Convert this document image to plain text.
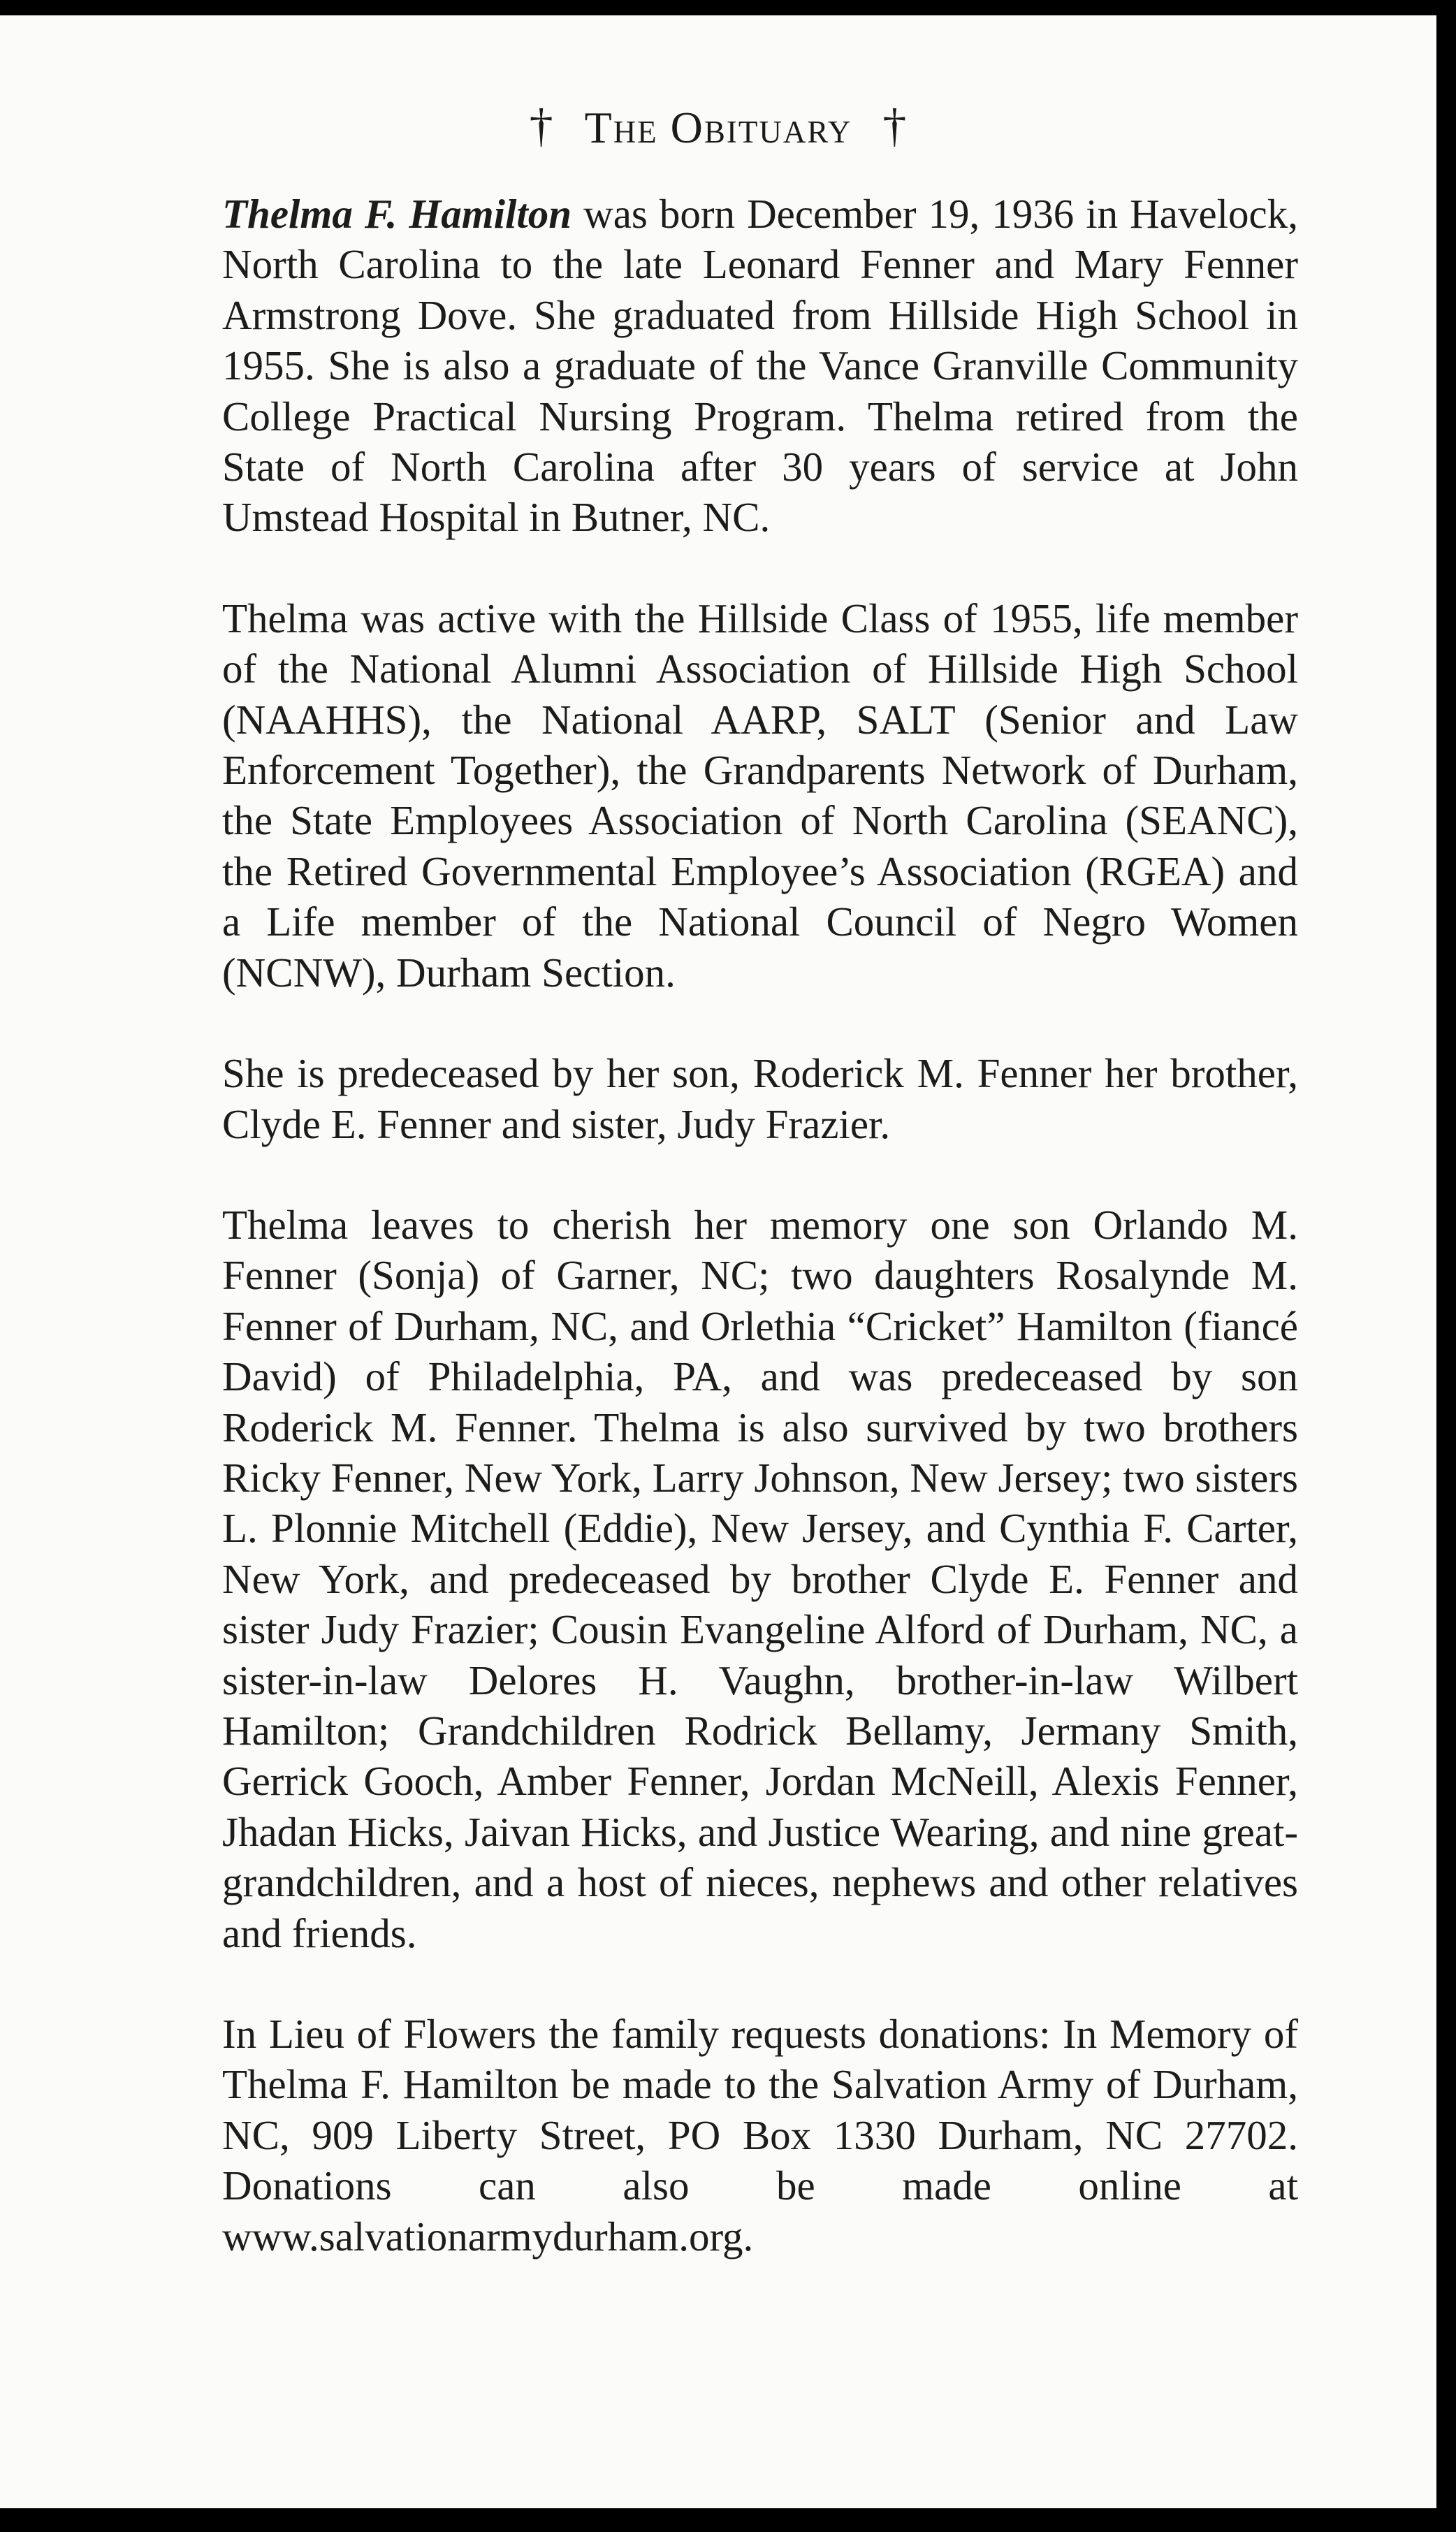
† The Obituary †

Thelma F. Hamilton was born December 19, 1936 in Havelock, North Carolina to the late Leonard Fenner and Mary Fenner Armstrong Dove. She graduated from Hillside High School in 1955. She is also a graduate of the Vance Granville Community College Practical Nursing Program. Thelma retired from the State of North Carolina after 30 years of service at John Umstead Hospital in Butner, NC.

Thelma was active with the Hillside Class of 1955, life member of the National Alumni Association of Hillside High School (NAAHHS), the National AARP, SALT (Senior and Law Enforcement Together), the Grandparents Network of Durham, the State Employees Association of North Carolina (SEANC), the Retired Governmental Employee’s Association (RGEA) and a Life member of the National Council of Negro Women (NCNW), Durham Section.

She is predeceased by her son, Roderick M. Fenner her brother, Clyde E. Fenner and sister, Judy Frazier.

Thelma leaves to cherish her memory one son Orlando M. Fenner (Sonja) of Garner, NC; two daughters Rosalynde M. Fenner of Durham, NC, and Orlethia “Cricket” Hamilton (fiancé David) of Philadelphia, PA, and was predeceased by son Roderick M. Fenner. Thelma is also survived by two brothers Ricky Fenner, New York, Larry Johnson, New Jersey; two sisters L. Plonnie Mitchell (Eddie), New Jersey, and Cynthia F. Carter, New York, and predeceased by brother Clyde E. Fenner and sister Judy Frazier; Cousin Evangeline Alford of Durham, NC, a sister-in-law Delores H. Vaughn, brother-in-law Wilbert Hamilton; Grandchildren Rodrick Bellamy, Jermany Smith, Gerrick Gooch, Amber Fenner, Jordan McNeill, Alexis Fenner, Jhadan Hicks, Jaivan Hicks, and Justice Wearing, and nine great-grandchildren, and a host of nieces, nephews and other relatives and friends.

In Lieu of Flowers the family requests donations: In Memory of Thelma F. Hamilton be made to the Salvation Army of Durham, NC, 909 Liberty Street, PO Box 1330 Durham, NC 27702. Donations can also be made online at www.salvationarmydurham.org.
